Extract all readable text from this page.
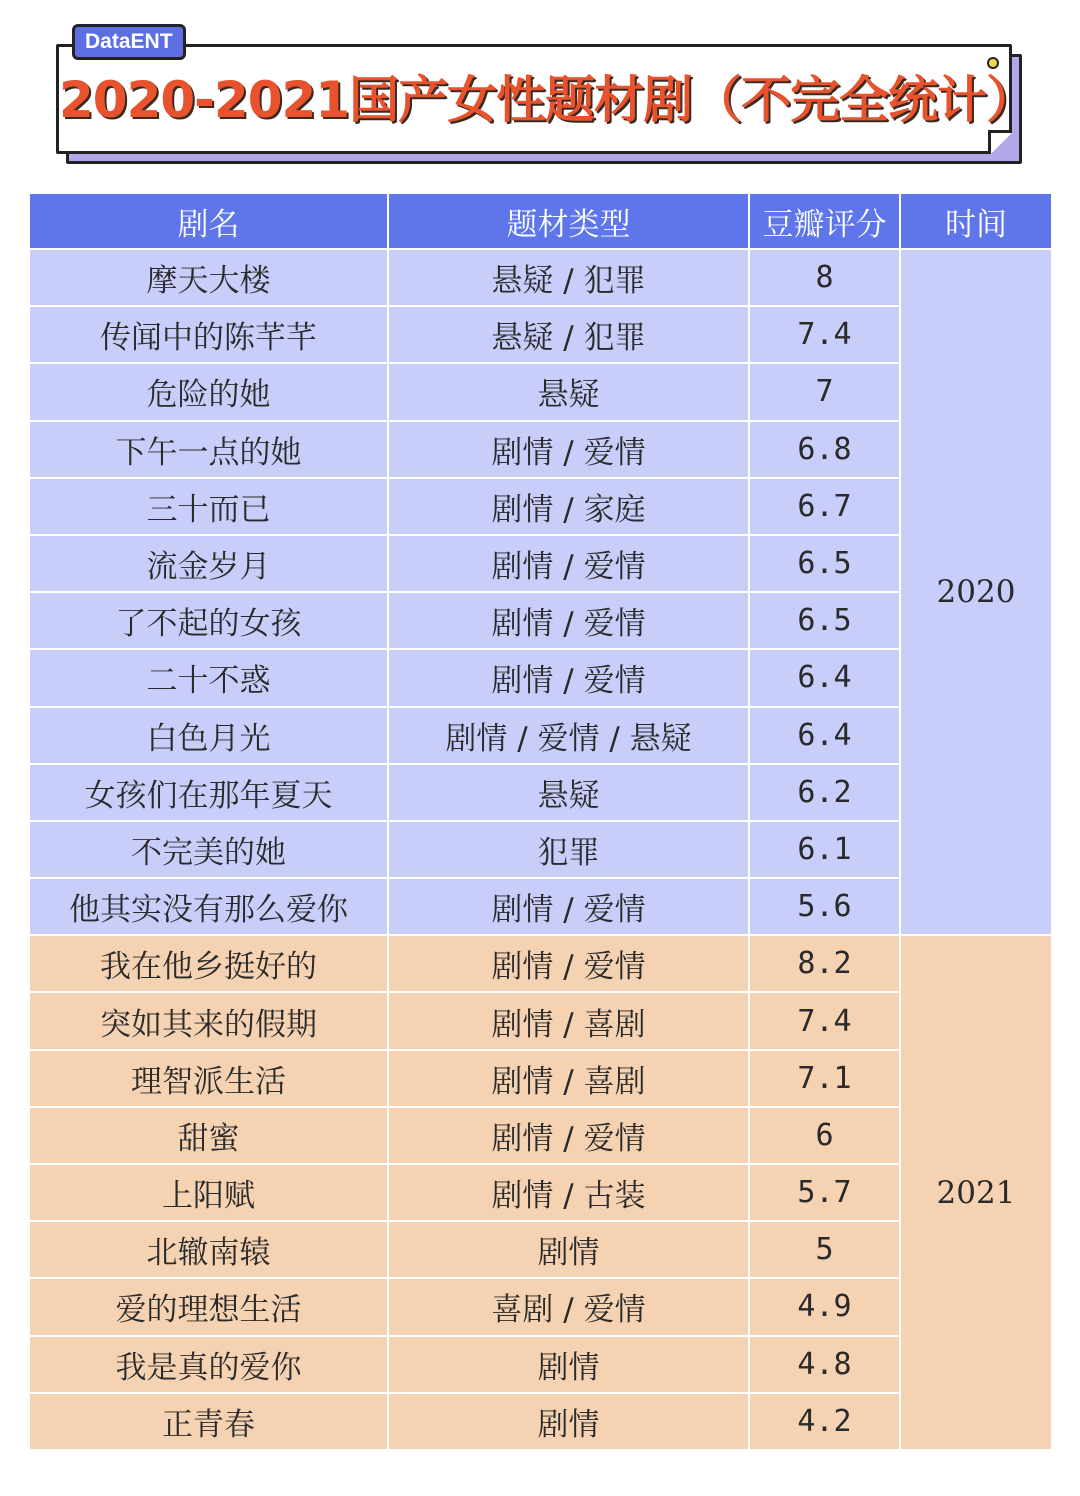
2020-2021国产女性题材剧（不完全统计）
DataENT
剧名	题材类型	豆瓣评分	时间
摩天大楼	悬疑 / 犯罪	8
传闻中的陈芊芊	悬疑 / 犯罪	7.4
危险的她	悬疑	7
下午一点的她	剧情 / 爱情	6.8
三十而已	剧情 / 家庭	6.7
流金岁月	剧情 / 爱情	6.5
了不起的女孩	剧情 / 爱情	6.5
二十不惑	剧情 / 爱情	6.4
白色月光	剧情 / 爱情 / 悬疑	6.4
女孩们在那年夏天	悬疑	6.2
不完美的她	犯罪	6.1
他其实没有那么爱你	剧情 / 爱情	5.6
2020
我在他乡挺好的	剧情 / 爱情	8.2
突如其来的假期	剧情 / 喜剧	7.4
理智派生活	剧情 / 喜剧	7.1
甜蜜	剧情 / 爱情	6
上阳赋	剧情 / 古装	5.7
北辙南辕	剧情	5
爱的理想生活	喜剧 / 爱情	4.9
我是真的爱你	剧情	4.8
正青春	剧情	4.2
2021
